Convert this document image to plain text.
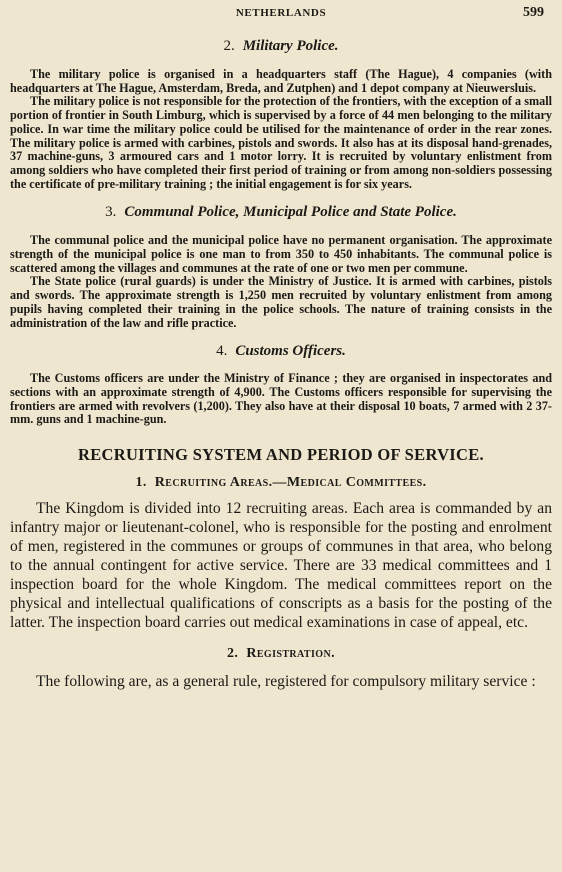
NETHERLANDS	599
2. Military Police.

The military police is organised in a headquarters staff (The Hague), 4 companies (with headquarters at The Hague, Amsterdam, Breda, and Zutphen) and 1 depot company at Nieuwersluis.

The military police is not responsible for the protection of the frontiers, with the exception of a small portion of frontier in South Limburg, which is supervised by a force of 44 men belonging to the military police. In war time the military police could be utilised for the maintenance of order in the rear zones. The military police is armed with carbines, pistols and swords. It also has at its disposal hand-grenades, 37 machine-guns, 3 armoured cars and 1 motor lorry. It is recruited by voluntary enlistment from among soldiers who have completed their first period of training or from among non-soldiers possessing the certificate of pre-military training ; the initial engagement is for six years.

3. Communal Police, Municipal Police and State Police.

The communal police and the municipal police have no permanent organisation. The approximate strength of the municipal police is one man to from 350 to 450 inhabitants. The communal police is scattered among the villages and communes at the rate of one or two men per commune.

The State police (rural guards) is under the Ministry of Justice. It is armed with carbines, pistols and swords. The approximate strength is 1,250 men recruited by voluntary enlistment from among pupils having completed their training in the police schools. The nature of training consists in the administration of the law and rifle practice.

4. Customs Officers.

The Customs officers are under the Ministry of Finance ; they are organised in inspectorates and sections with an approximate strength of 4,900. The Customs officers responsible for supervising the frontiers are armed with revolvers (1,200). They also have at their disposal 10 boats, 7 armed with 2 37-mm. guns and 1 machine-gun.

RECRUITING SYSTEM AND PERIOD OF SERVICE.
1. Recruiting Areas.—Medical Committees.

The Kingdom is divided into 12 recruiting areas. Each area is commanded by an infantry major or lieutenant-colonel, who is responsible for the posting and enrolment of men, registered in the communes or groups of communes in that area, who belong to the annual contingent for active service. There are 33 medical committees and 1 inspection board for the whole Kingdom. The medical committees report on the physical and intellectual qualifications of conscripts as a basis for the posting of the latter. The inspection board carries out medical examinations in case of appeal, etc.

2. Registration.

The following are, as a general rule, registered for compulsory military service :
